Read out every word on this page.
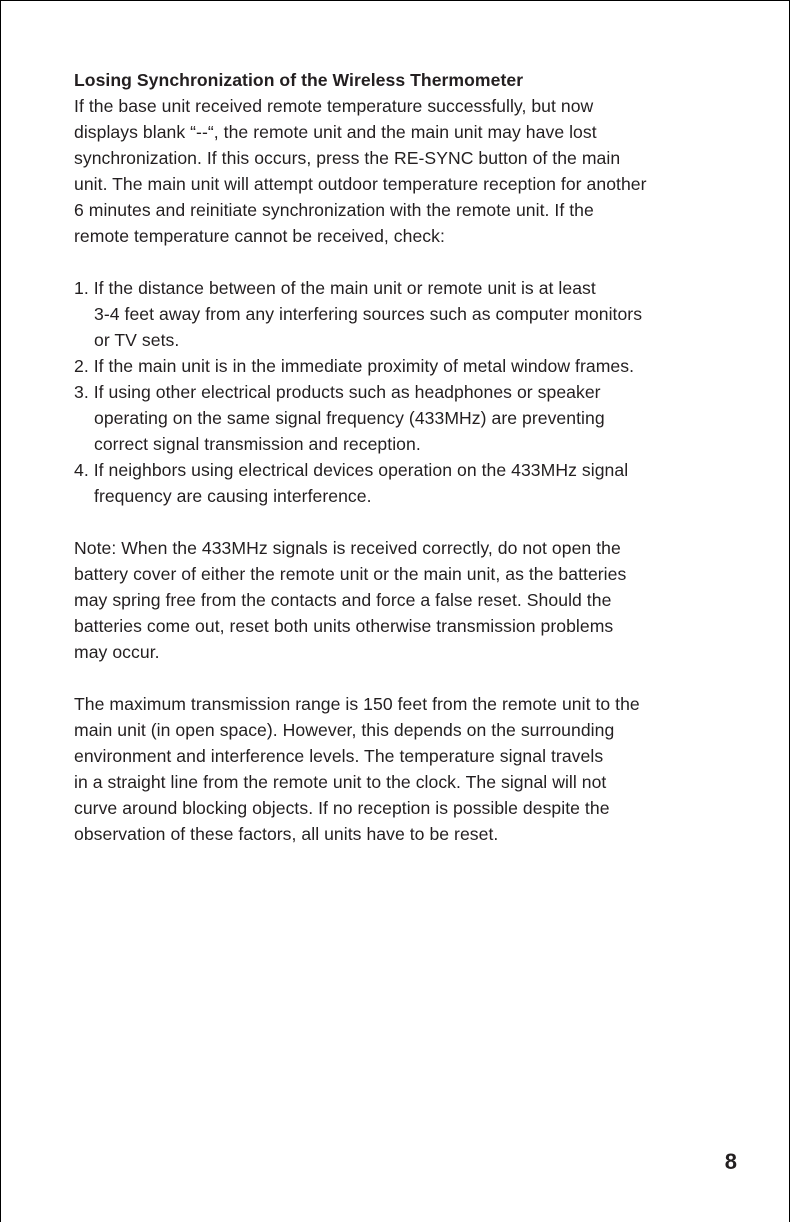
Losing Synchronization of the Wireless Thermometer

If the base unit received remote temperature successfully, but now

displays blank “--“, the remote unit and the main unit may have lost

synchronization. If this occurs, press the RE-SYNC button of the main

unit. The main unit will attempt outdoor temperature reception for another

6 minutes and reinitiate synchronization with the remote unit. If the

remote temperature cannot be received, check:

1. If the distance between of the main unit or remote unit is at least

3-4 feet away from any interfering sources such as computer monitors

or TV sets.

2. If the main unit is in the immediate proximity of metal window frames.

3. If using other electrical products such as headphones or speaker

operating on the same signal frequency (433MHz) are preventing

correct signal transmission and reception.

4. If neighbors using electrical devices operation on the 433MHz signal

frequency are causing interference.

Note: When the 433MHz signals is received correctly, do not open the

battery cover of either the remote unit or the main unit, as the batteries

may spring free from the contacts and force a false reset. Should the

batteries come out, reset both units otherwise transmission problems

may occur.

The maximum transmission range is 150 feet from the remote unit to the

main unit (in open space). However, this depends on the surrounding

environment and interference levels. The temperature signal travels

in a straight line from the remote unit to the clock. The signal will not

curve around blocking objects. If no reception is possible despite the

observation of these factors, all units have to be reset.

8
